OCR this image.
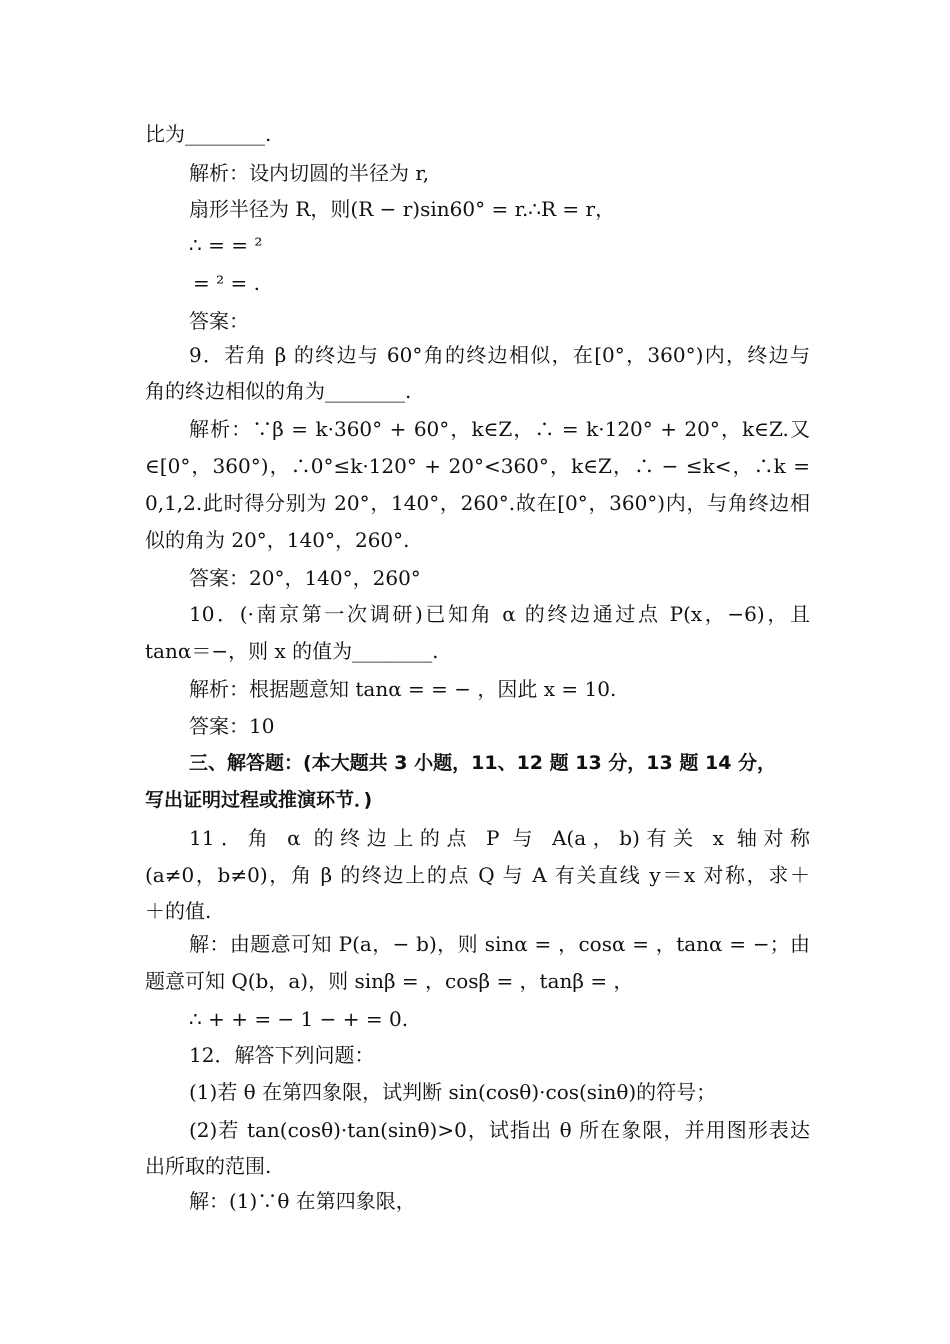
比为________.
解析：设内切圆的半径为 r,
扇形半径为 R，则(R − r)sin60° = r.∴R = r，
∴ = = ²
= ² = .
答案：
9．若角 β 的终边与 60°角的终边相似，在[0°，360°)内，终边与
角的终边相似的角为________.
解析：∵β = k·360° + 60°，k∈Z，∴ = k·120° + 20°，k∈Z.又
∈[0°，360°)，∴0°≤k·120° + 20°<360°，k∈Z，∴ − ≤k<，∴k =
0,1,2.此时得分别为 20°，140°，260°.故在[0°，360°)内，与角终边相
似的角为 20°，140°，260°.
答案：20°，140°，260°
10．(·南京第一次调研)已知角 α 的终边通过点 P(x，−6)，且
tanα＝−，则 x 的值为________.
解析：根据题意知 tanα = = − ，因此 x = 10.
答案：10
三、解答题：(本大题共 3 小题，11、12 题 13 分，13 题 14 分，
写出证明过程或推演环节．)
11．角 α 的终边上的点 P 与 A(a，b)有关 x 轴对称
(a≠0，b≠0)，角 β 的终边上的点 Q 与 A 有关直线 y＝x 对称，求＋
＋的值.
解：由题意可知 P(a，− b)，则 sinα = ，cosα = ，tanα = −；由
题意可知 Q(b，a)，则 sinβ = ，cosβ = ，tanβ = ，
∴ + + = − 1 − + = 0.
12．解答下列问题：
(1)若 θ 在第四象限，试判断 sin(cosθ)·cos(sinθ)的符号；
(2)若 tan(cosθ)·tan(sinθ)>0，试指出 θ 所在象限，并用图形表达
出所取的范围.
解：(1)∵θ 在第四象限，
